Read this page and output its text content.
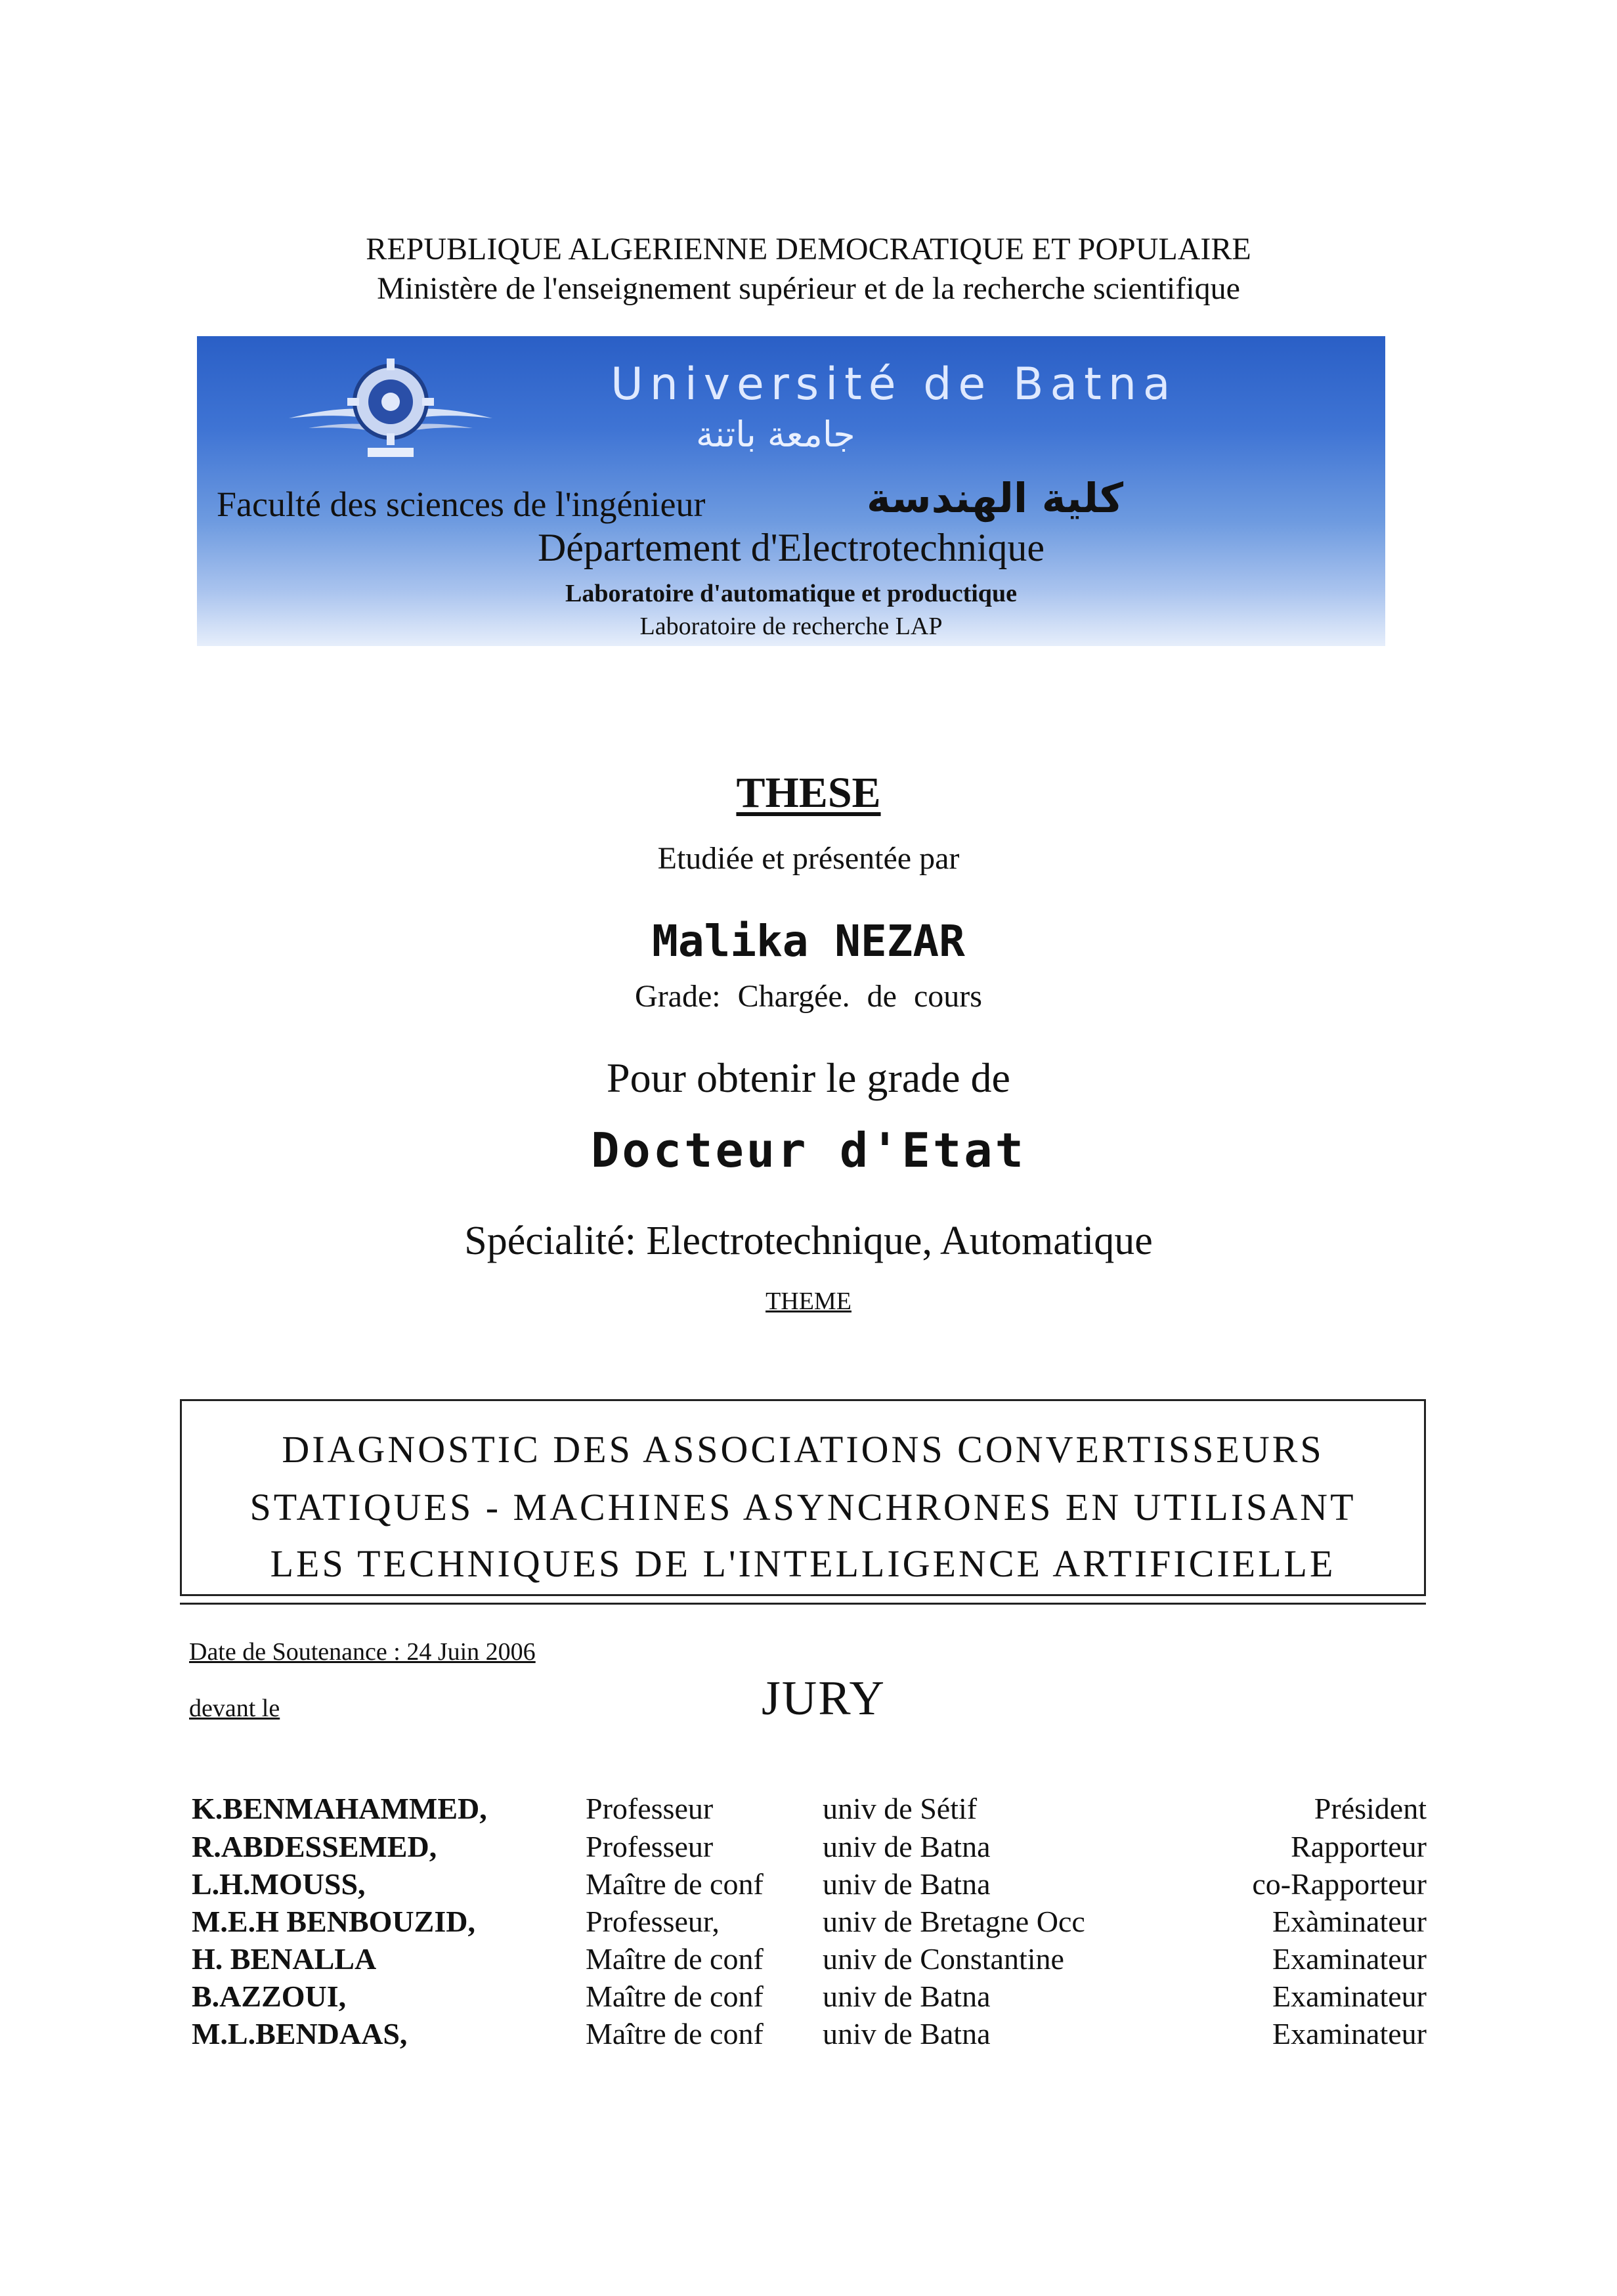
REPUBLIQUE ALGERIENNE DEMOCRATIQUE ET POPULAIRE
Ministère de l'enseignement supérieur et de la recherche scientifique
Université de Batna
جامعة باتنة
Faculté des sciences de l'ingénieur	كلية الهندسة
Département d'Electrotechnique
Laboratoire d'automatique et productique
Laboratoire de recherche LAP
THESE
Etudiée et présentée par
Malika NEZAR
Grade: Chargée. de cours
Pour obtenir le grade de
Docteur d'Etat
Spécialité: Electrotechnique, Automatique
THEME
DIAGNOSTIC DES ASSOCIATIONS CONVERTISSEURS
STATIQUES - MACHINES ASYNCHRONES EN UTILISANT
LES TECHNIQUES DE L'INTELLIGENCE ARTIFICIELLE
Date de Soutenance : 24 Juin 2006
devant le	JURY
K.BENMAHAMMED,	Professeur	univ de Sétif	Président
R.ABDESSEMED,	Professeur	univ de Batna	Rapporteur
L.H.MOUSS,	Maître de conf univ de Batna	co-Rapporteur
M.E.H BENBOUZID,	Professeur,	univ de Bretagne Occ	Exàminateur
H. BENALLA	Maître de conf univ de Constantine	Examinateur
B.AZZOUI,	Maître de conf univ de Batna	Examinateur
M.L.BENDAAS,	Maître de conf univ de Batna	Examinateur
